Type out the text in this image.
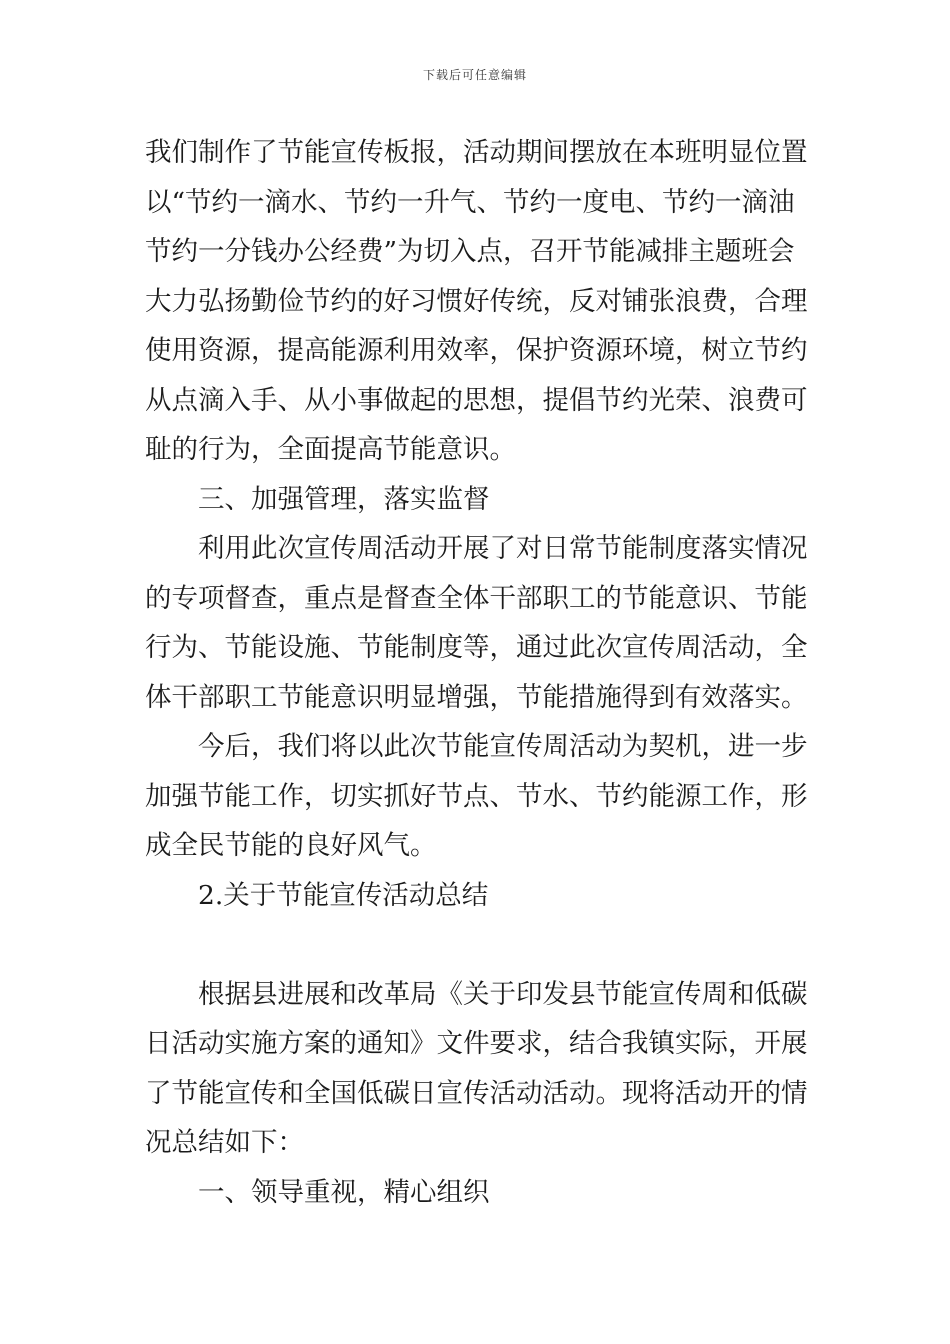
下载后可任意编辑
我们制作了节能宣传板报，活动期间摆放在本班明显位置
以“节约一滴水、节约一升气、节约一度电、节约一滴油
节约一分钱办公经费”为切入点，召开节能减排主题班会
大力弘扬勤俭节约的好习惯好传统，反对铺张浪费，合理
使用资源，提高能源利用效率，保护资源环境，树立节约
从点滴入手、从小事做起的思想，提倡节约光荣、浪费可
耻的行为，全面提高节能意识。
三、加强管理，落实监督
利用此次宣传周活动开展了对日常节能制度落实情况
的专项督查，重点是督查全体干部职工的节能意识、节能
行为、节能设施、节能制度等，通过此次宣传周活动，全
体干部职工节能意识明显增强，节能措施得到有效落实。
今后，我们将以此次节能宣传周活动为契机，进一步
加强节能工作，切实抓好节点、节水、节约能源工作，形
成全民节能的良好风气。
2.关于节能宣传活动总结
根据县进展和改革局《关于印发县节能宣传周和低碳
日活动实施方案的通知》文件要求，结合我镇实际，开展
了节能宣传和全国低碳日宣传活动活动。现将活动开的情
况总结如下：
一、领导重视，精心组织
